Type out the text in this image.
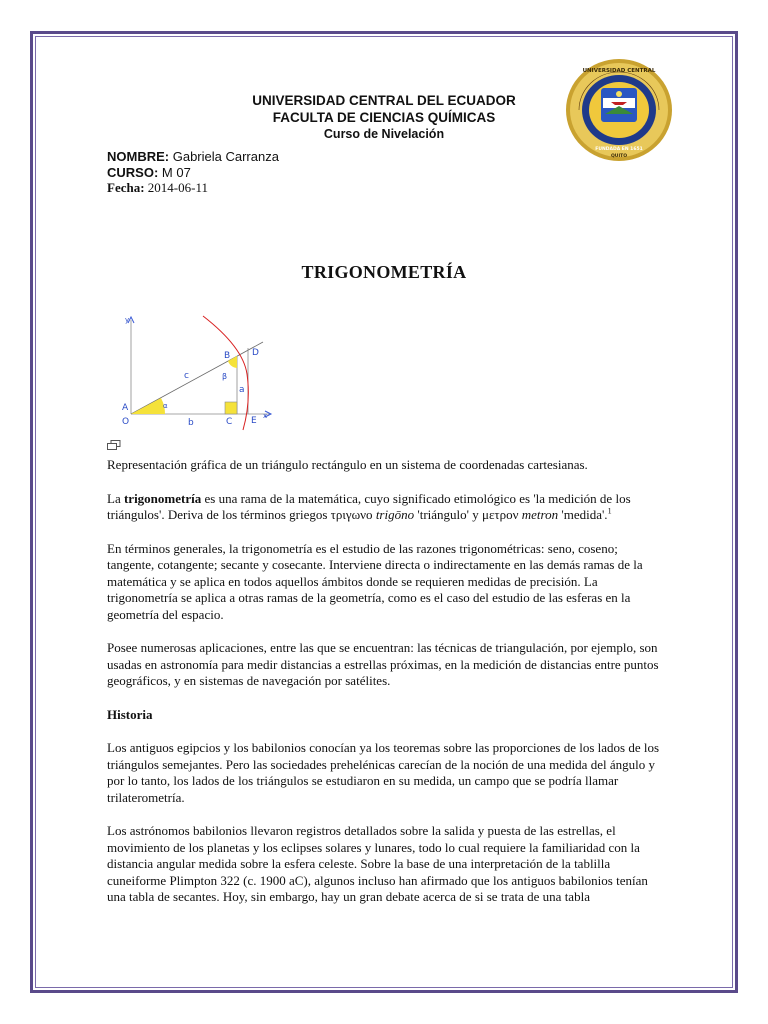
UNIVERSIDAD CENTRAL DEL ECUADOR
FACULTA DE CIENCIAS QUÍMICAS
Curso de Nivelación
UNIVERSIDAD CENTRAL
FUNDADA EN 1651
QUITO
NOMBRE: Gabriela Carranza
CURSO: M 07
Fecha: 2014-06-11
TRIGONOMETRÍA
y
A
O
B D
C E x
c
a
b
α
β

Representación gráfica de un triángulo rectángulo en un sistema de coordenadas cartesianas.

La trigonometría es una rama de la matemática, cuyo significado etimológico es 'la medición de los triángulos'. Deriva de los términos griegos τριγωνο trigōno 'triángulo' y μετρον metron 'medida'.$^1$

En términos generales, la trigonometría es el estudio de las razones trigonométricas: seno, coseno; tangente, cotangente; secante y cosecante. Interviene directa o indirectamente en las demás ramas de la matemática y se aplica en todos aquellos ámbitos donde se requieren medidas de precisión. La trigonometría se aplica a otras ramas de la geometría, como es el caso del estudio de las esferas en la geometría del espacio.

Posee numerosas aplicaciones, entre las que se encuentran: las técnicas de triangulación, por ejemplo, son usadas en astronomía para medir distancias a estrellas próximas, en la medición de distancias entre puntos geográficos, y en sistemas de navegación por satélites.

Historia

Los antiguos egipcios y los babilonios conocían ya los teoremas sobre las proporciones de los lados de los triángulos semejantes. Pero las sociedades prehelénicas carecían de la noción de una medida del ángulo y por lo tanto, los lados de los triángulos se estudiaron en su medida, un campo que se podría llamar trilaterometría.

Los astrónomos babilonios llevaron registros detallados sobre la salida y puesta de las estrellas, el movimiento de los planetas y los eclipses solares y lunares, todo lo cual requiere la familiaridad con la distancia angular medida sobre la esfera celeste. Sobre la base de una interpretación de la tablilla cuneiforme Plimpton 322 (c. 1900 aC), algunos incluso han afirmado que los antiguos babilonios tenían una tabla de secantes. Hoy, sin embargo, hay un gran debate acerca de si se trata de una tabla
